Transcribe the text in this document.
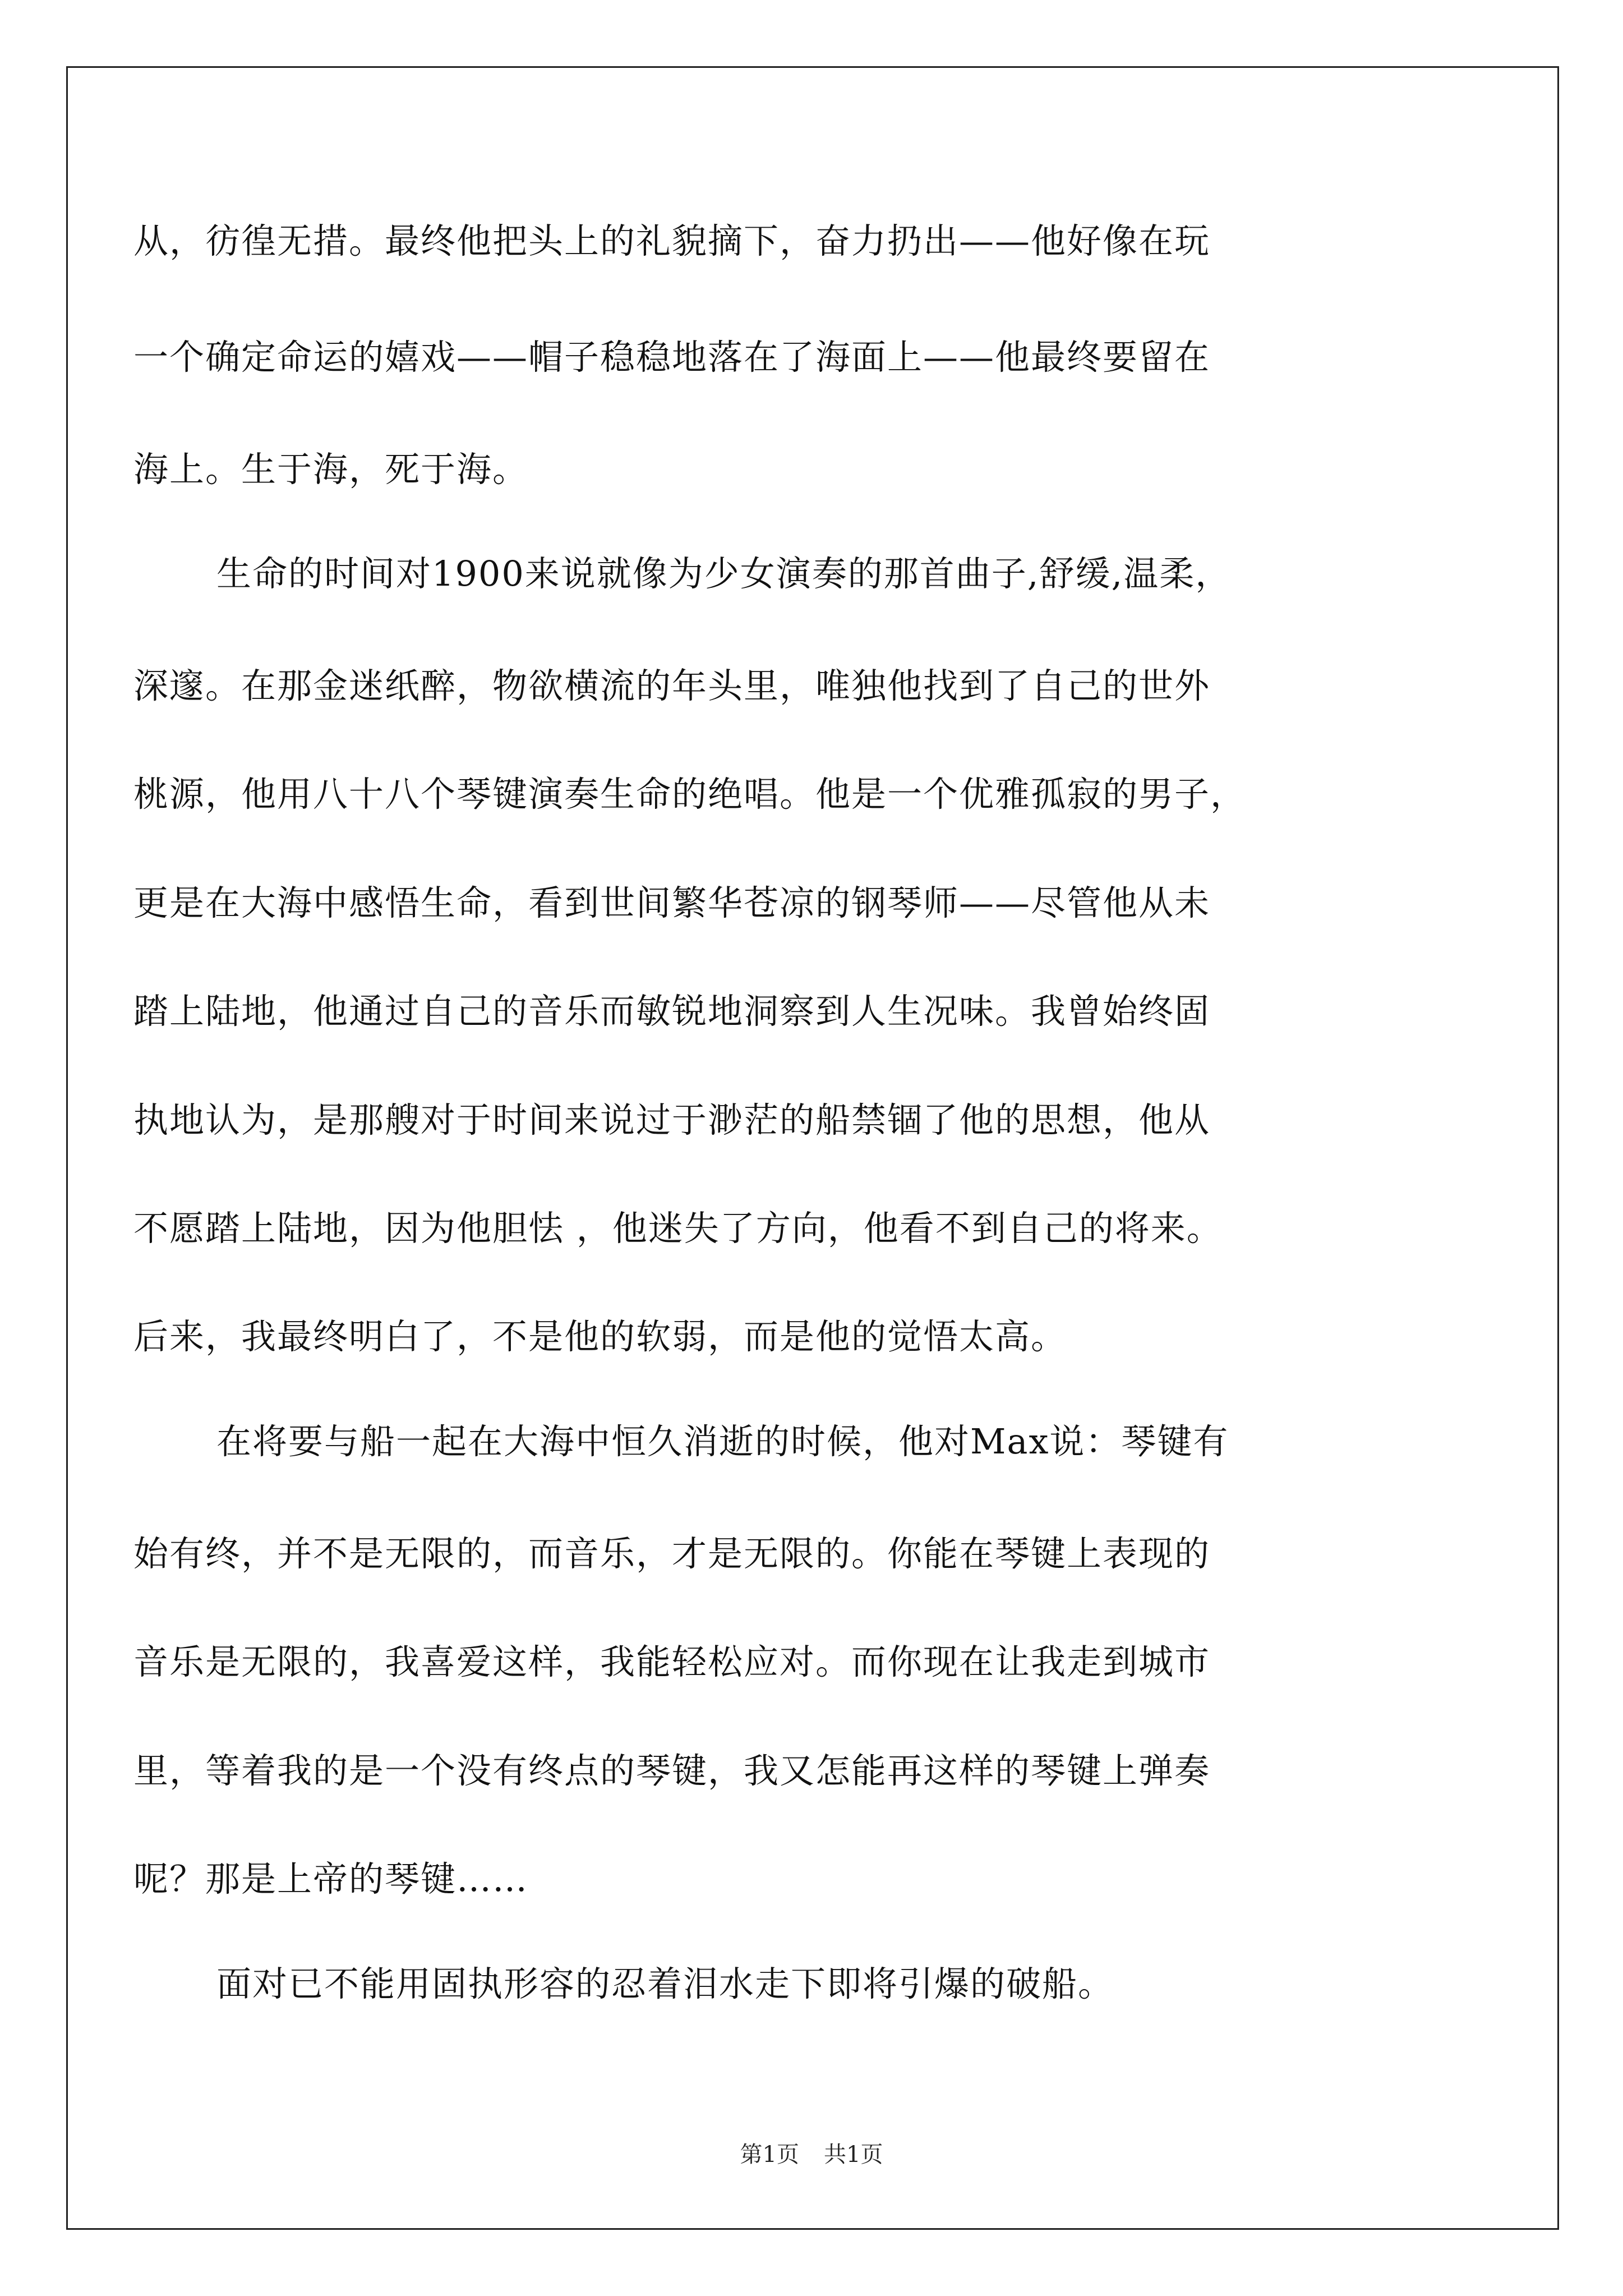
从，彷徨无措。最终他把头上的礼貌摘下，奋力扔出——他好像在玩
一个确定命运的嬉戏——帽子稳稳地落在了海面上——他最终要留在
海上。生于海，死于海。
生命的时间对1900来说就像为少女演奏的那首曲子,舒缓,温柔，
深邃。在那金迷纸醉，物欲横流的年头里，唯独他找到了自己的世外
桃源，他用八十八个琴键演奏生命的绝唱。他是一个优雅孤寂的男子，
更是在大海中感悟生命，看到世间繁华苍凉的钢琴师——尽管他从未
踏上陆地，他通过自己的音乐而敏锐地洞察到人生况味。我曾始终固
执地认为，是那艘对于时间来说过于渺茫的船禁锢了他的思想，他从
不愿踏上陆地，因为他胆怯 ，他迷失了方向，他看不到自己的将来。
后来，我最终明白了，不是他的软弱，而是他的觉悟太高。
在将要与船一起在大海中恒久消逝的时候，他对Max说：琴键有
始有终，并不是无限的，而音乐，才是无限的。你能在琴键上表现的
音乐是无限的，我喜爱这样，我能轻松应对。而你现在让我走到城市
里，等着我的是一个没有终点的琴键，我又怎能再这样的琴键上弹奏
呢？那是上帝的琴键……
面对已不能用固执形容的忍着泪水走下即将引爆的破船。
第1页 共1页
